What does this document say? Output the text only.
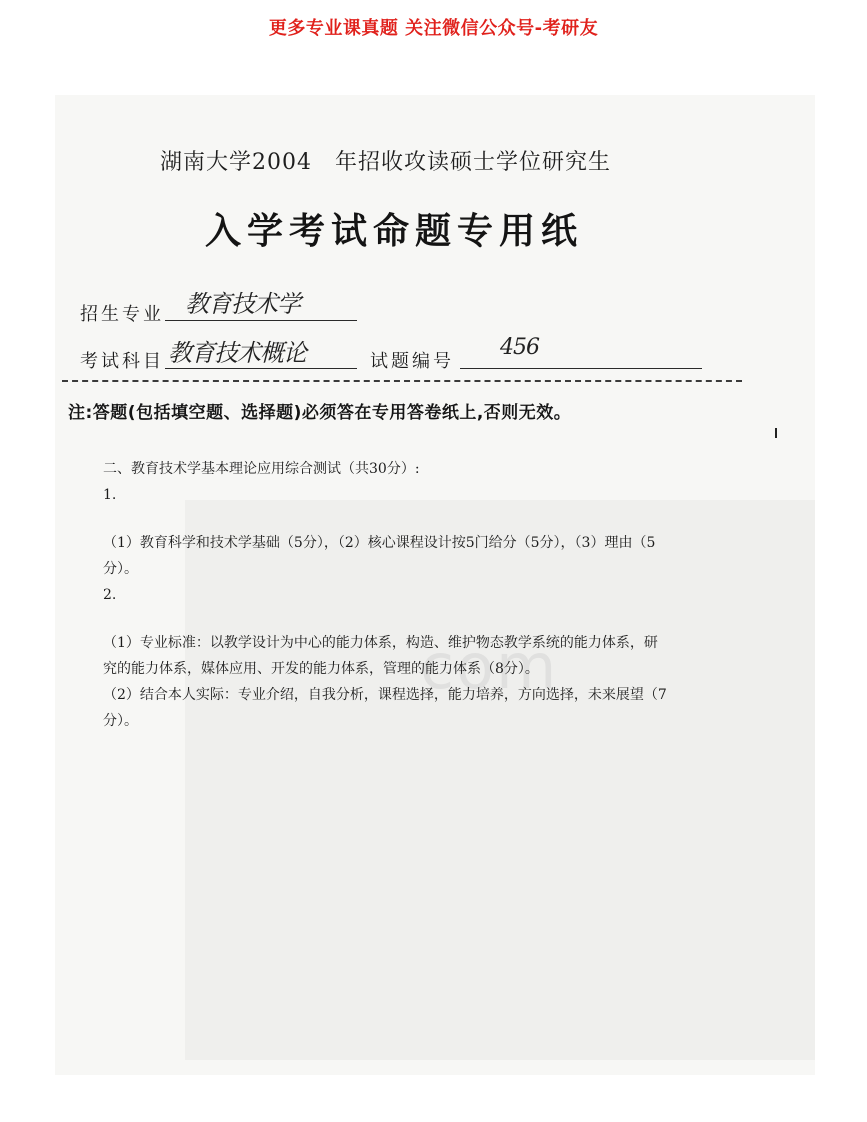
更多专业课真题 关注微信公众号-考研友
湖南大学2004　年招收攻读硕士学位研究生
入学考试命题专用纸
招生专业 教育技术学
考试科目 教育技术概论	试题编号
456
注:答题(包括填空题、选择题)必须答在专用答卷纸上,否则无效。
二、教育技术学基本理论应用综合测试（共30分）:
1.
（1）教育科学和技术学基础（5分），（2）核心课程设计按5门给分（5分），（3）理由（5
分）。
2.
（1）专业标准：以教学设计为中心的能力体系，构造、维护物态教学系统的能力体系，研
究的能力体系，媒体应用、开发的能力体系，管理的能力体系（8分）。
（2）结合本人实际：专业介绍，自我分析，课程选择，能力培养，方向选择，未来展望（7
分）。
com
